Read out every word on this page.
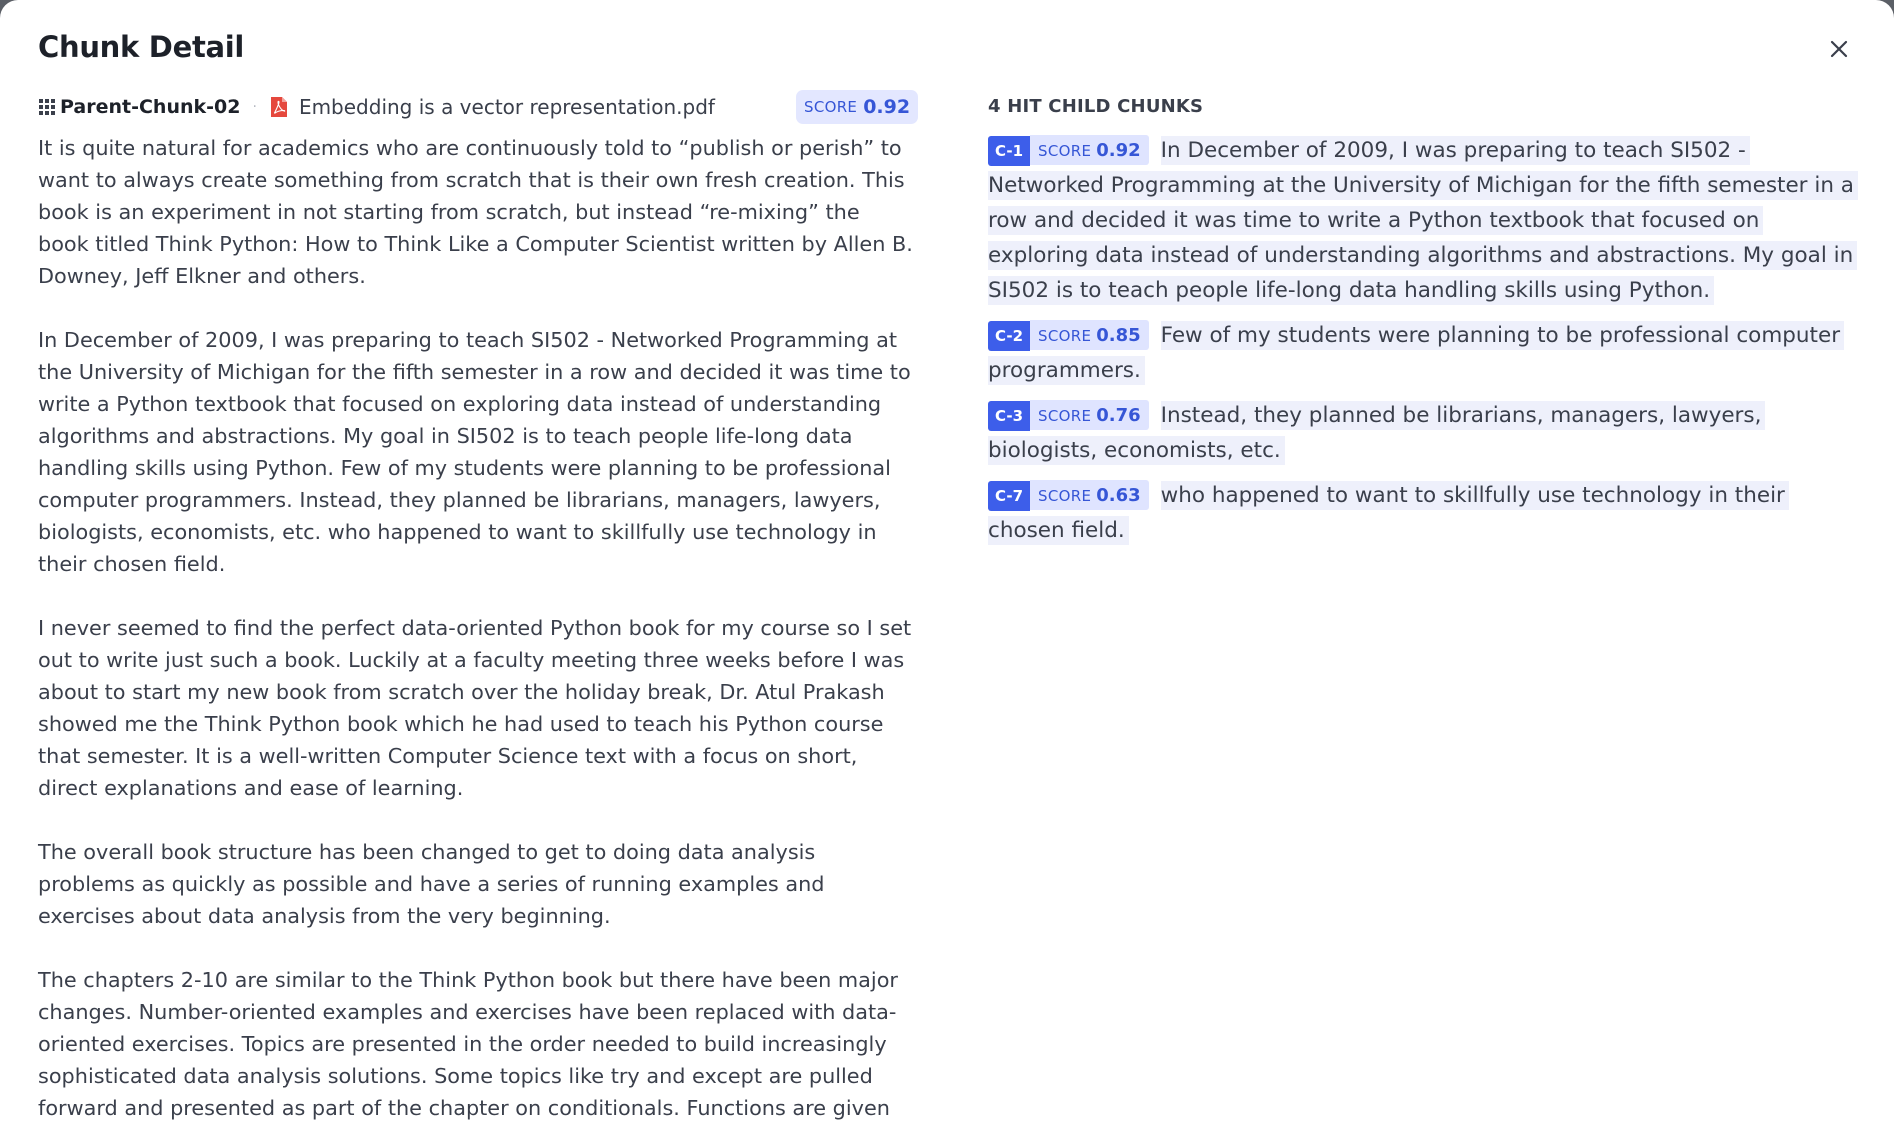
Chunk Detail
Parent-Chunk-02 · Embedding is a vector representation.pdf	SCORE 0.92

It is quite natural for academics who are continuously told to “publish or perish” to want to always create something from scratch that is their own fresh creation. This book is an experiment in not starting from scratch, but instead “re-mixing” the book titled Think Python: How to Think Like a Computer Scientist written by Allen B. Downey, Jeff Elkner and others.

In December of 2009, I was preparing to teach SI502 - Networked Programming at the University of Michigan for the fifth semester in a row and decided it was time to write a Python textbook that focused on exploring data instead of understanding algorithms and abstractions. My goal in SI502 is to teach people life-long data handling skills using Python. Few of my students were planning to be professional computer programmers. Instead, they planned be librarians, managers, lawyers, biologists, economists, etc. who happened to want to skillfully use technology in their chosen field.

I never seemed to find the perfect data-oriented Python book for my course so I set out to write just such a book. Luckily at a faculty meeting three weeks before I was about to start my new book from scratch over the holiday break, Dr. Atul Prakash showed me the Think Python book which he had used to teach his Python course that semester. It is a well-written Computer Science text with a focus on short, direct explanations and ease of learning.

The overall book structure has been changed to get to doing data analysis problems as quickly as possible and have a series of running examples and exercises about data analysis from the very beginning.

The chapters 2-10 are similar to the Think Python book but there have been major changes. Number-oriented examples and exercises have been replaced with data-oriented exercises. Topics are presented in the order needed to build increasingly sophisticated data analysis solutions. Some topics like try and except are pulled forward and presented as part of the chapter on conditionals. Functions are given

4 HIT CHILD CHUNKS
C-1 SCORE 0.92 In December of 2009, I was preparing to teach SI502 - Networked Programming at the University of Michigan for the fifth semester in a row and decided it was time to write a Python textbook that focused on exploring data instead of understanding algorithms and abstractions. My goal in SI502 is to teach people life-long data handling skills using Python.
C-2 SCORE 0.85 Few of my students were planning to be professional computer programmers.
C-3 SCORE 0.76 Instead, they planned be librarians, managers, lawyers, biologists, economists, etc.
C-7 SCORE 0.63 who happened to want to skillfully use technology in their chosen field.
